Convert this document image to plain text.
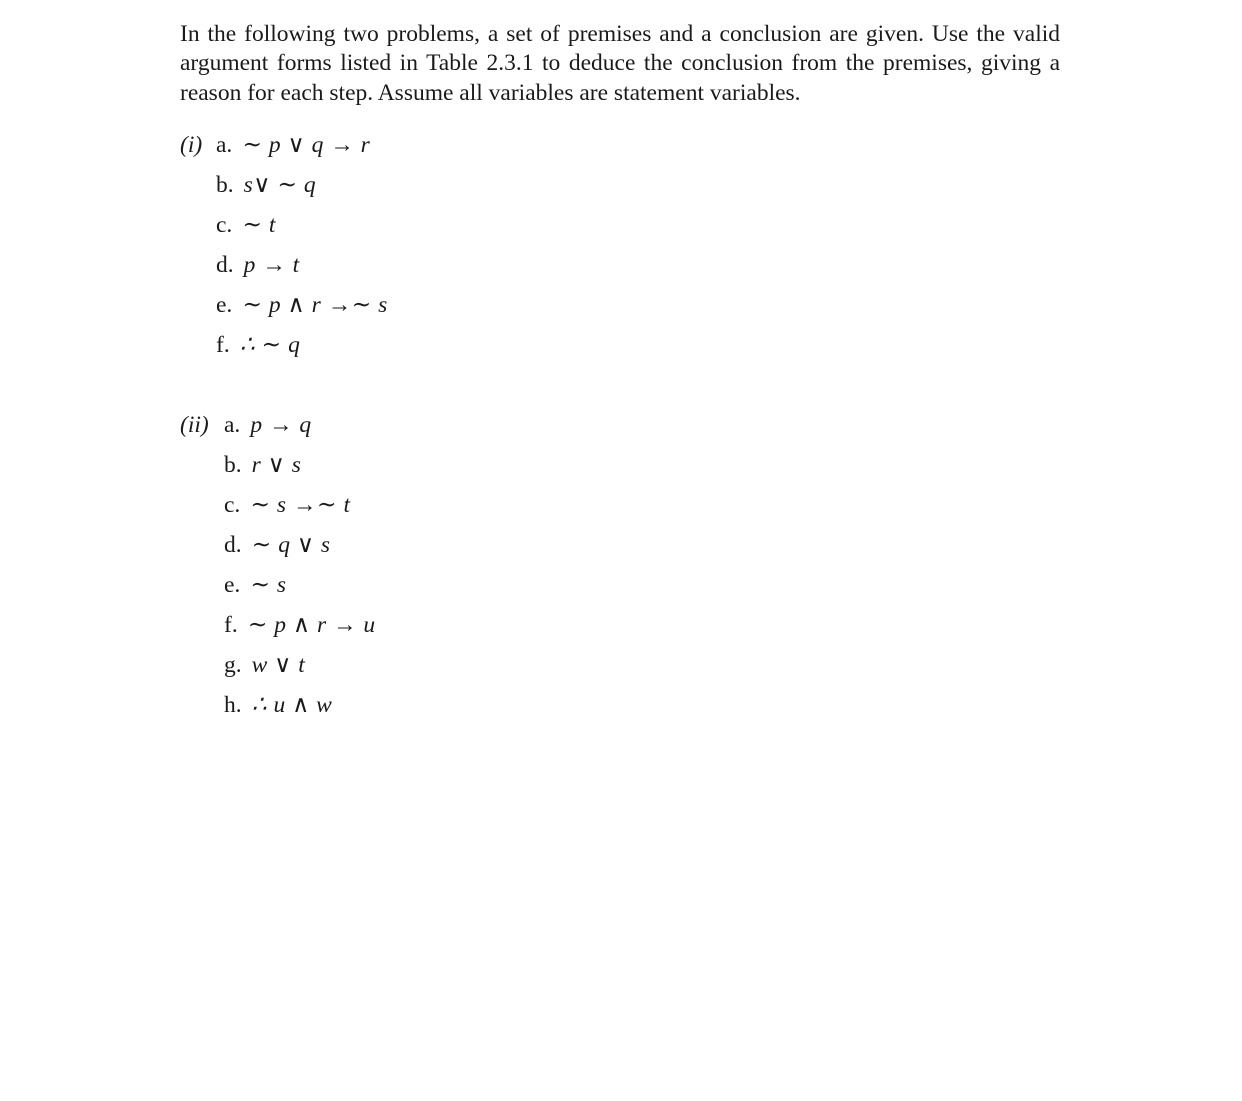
In the following two problems, a set of premises and a conclusion are given. Use the valid argument forms listed in Table 2.3.1 to deduce the conclusion from the premises, giving a reason for each step. Assume all variables are statement variables.

(i) a. ∼ p ∨ q → r
b. s∨ ∼ q
c. ∼ t
d. p → t
e. ∼ p ∧ r →∼ s
f. ∴ ∼ q
(ii) a. p → q
b. r ∨ s
c. ∼ s →∼ t
d. ∼ q ∨ s
e. ∼ s
f. ∼ p ∧ r → u
g. w ∨ t
h. ∴ u ∧ w
